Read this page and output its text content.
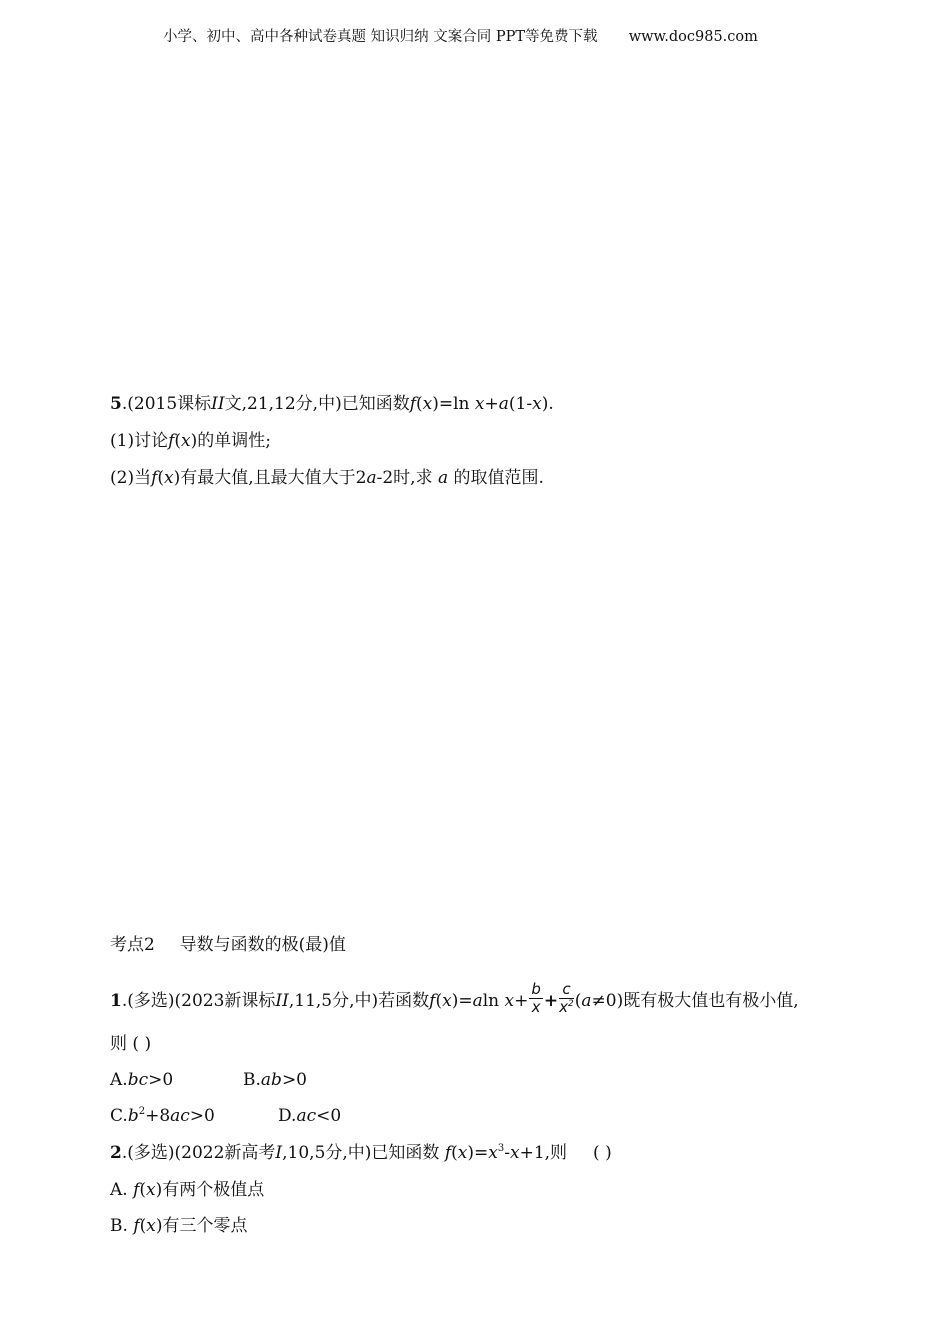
小学、初中、高中各种试卷真题 知识归纳 文案合同 PPT等免费下载 www.doc985.com
5.(2015课标II文,21,12分,中)已知函数f(x)=ln x+a(1-x).
(1)讨论f(x)的单调性;
(2)当f(x)有最大值,且最大值大于2a-2时,求 a 的取值范围.
考点2 导数与函数的极(最)值
1.(多选)(2023新课标II,11,5分,中)若函数f(x)=aln $x+ \frac{b}{x} + \frac{c}{x^2} (a\ne 0)$既有极大值也有极小值,
则 ( )
A.bc>0	B.ab>0
$C.b^2+8ac>0$	D.ac<0
2.(多选)(2022新高考I,10,5分,中)已知函数 $f(x)=x^3-x+1$,则 ( )
A. f(x)有两个极值点
B. f(x)有三个零点
